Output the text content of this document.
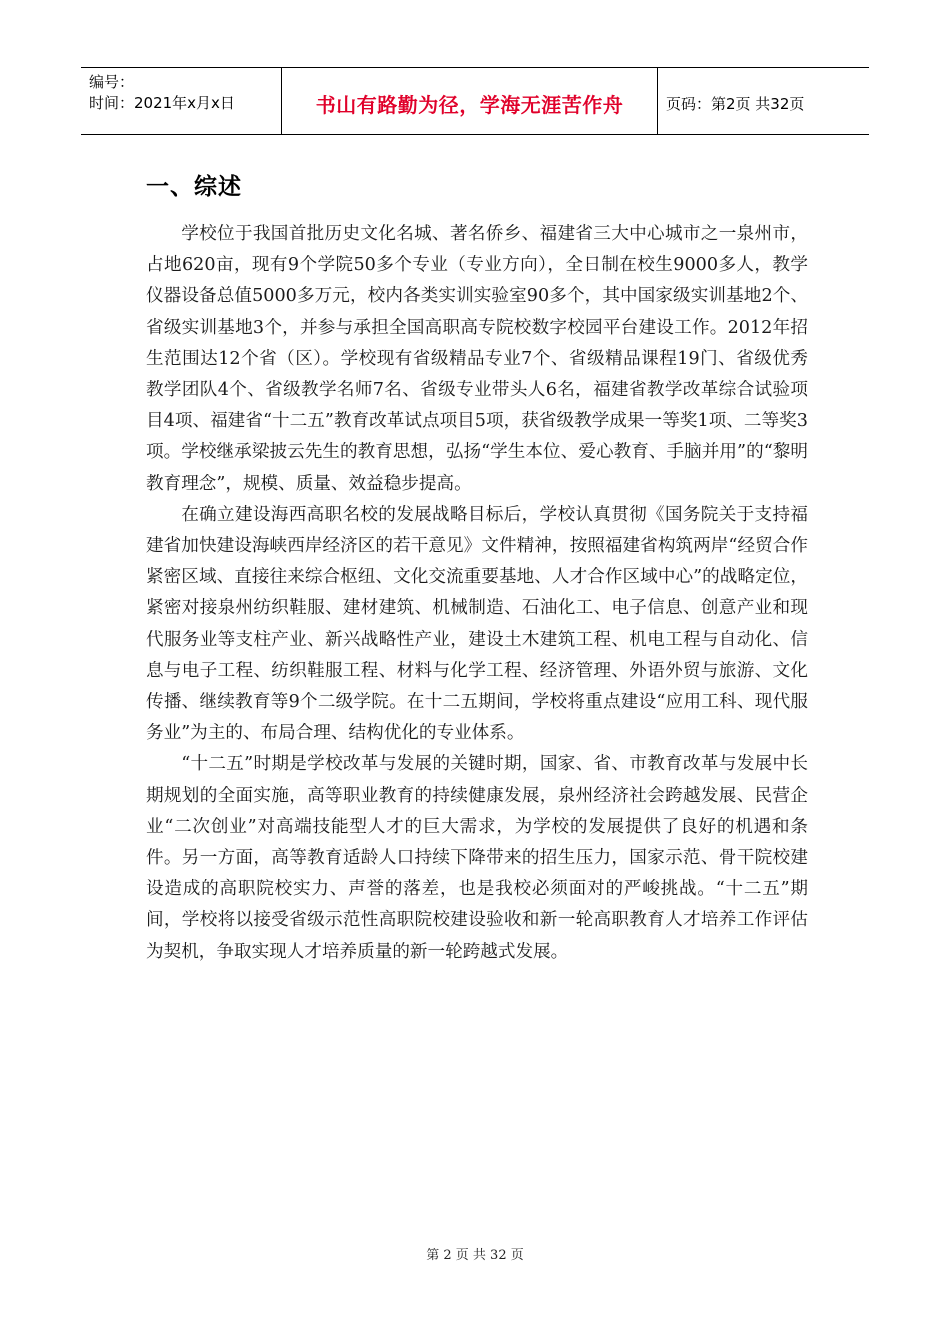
编号：
时间：2021年x月x日	书山有路勤为径，学海无涯苦作舟	页码：第2页 共32页
一、综述

学校位于我国首批历史文化名城、著名侨乡、福建省三大中心城市之一泉州市，占地620亩，现有9个学院50多个专业（专业方向），全日制在校生9000多人，教学仪器设备总值5000多万元，校内各类实训实验室90多个，其中国家级实训基地2个、省级实训基地3个，并参与承担全国高职高专院校数字校园平台建设工作。2012年招生范围达12个省（区）。学校现有省级精品专业7个、省级精品课程19门、省级优秀教学团队4个、省级教学名师7名、省级专业带头人6名，福建省教学改革综合试验项目4项、福建省“十二五”教育改革试点项目5项，获省级教学成果一等奖1项、二等奖3项。学校继承梁披云先生的教育思想，弘扬“学生本位、爱心教育、手脑并用”的“黎明教育理念”，规模、质量、效益稳步提高。

在确立建设海西高职名校的发展战略目标后，学校认真贯彻《国务院关于支持福建省加快建设海峡西岸经济区的若干意见》文件精神，按照福建省构筑两岸“经贸合作紧密区域、直接往来综合枢纽、文化交流重要基地、人才合作区域中心”的战略定位，紧密对接泉州纺织鞋服、建材建筑、机械制造、石油化工、电子信息、创意产业和现代服务业等支柱产业、新兴战略性产业，建设土木建筑工程、机电工程与自动化、信息与电子工程、纺织鞋服工程、材料与化学工程、经济管理、外语外贸与旅游、文化传播、继续教育等9个二级学院。在十二五期间，学校将重点建设“应用工科、现代服务业”为主的、布局合理、结构优化的专业体系。

“十二五”时期是学校改革与发展的关键时期，国家、省、市教育改革与发展中长期规划的全面实施，高等职业教育的持续健康发展，泉州经济社会跨越发展、民营企业“二次创业”对高端技能型人才的巨大需求，为学校的发展提供了良好的机遇和条件。另一方面，高等教育适龄人口持续下降带来的招生压力，国家示范、骨干院校建设造成的高职院校实力、声誉的落差，也是我校必须面对的严峻挑战。“十二五”期间，学校将以接受省级示范性高职院校建设验收和新一轮高职教育人才培养工作评估为契机，争取实现人才培养质量的新一轮跨越式发展。

第 2 页 共 32 页
